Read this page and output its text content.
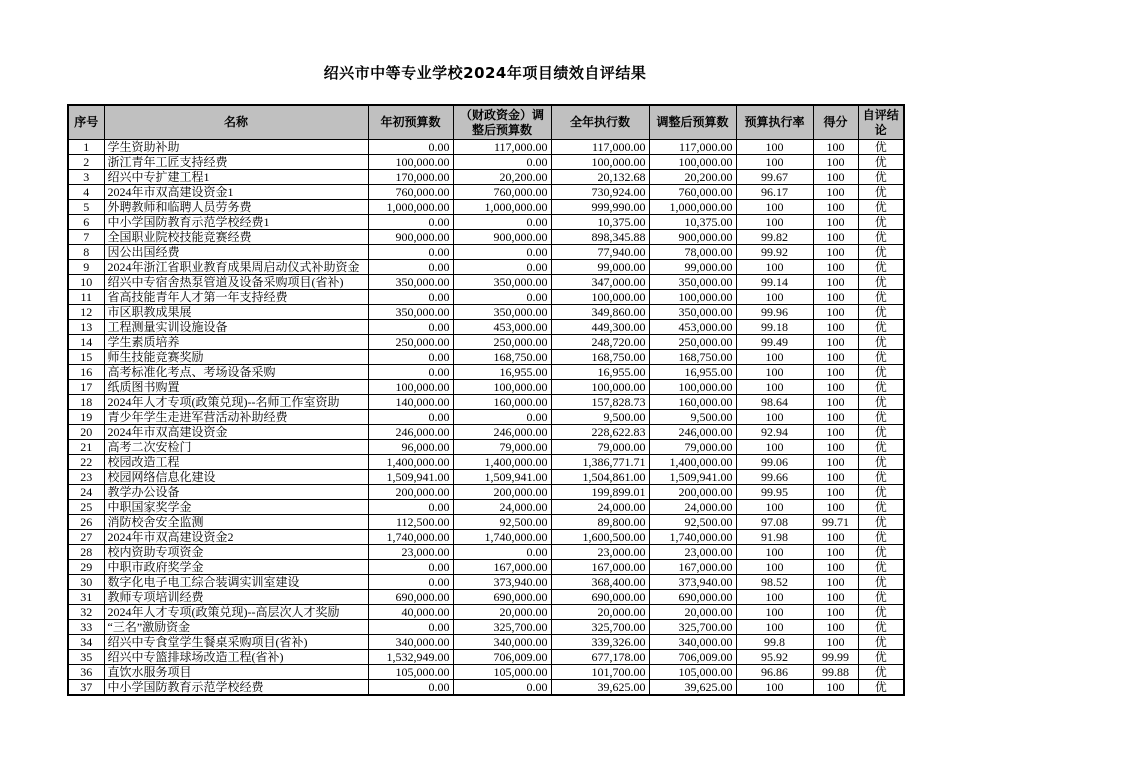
绍兴市中等专业学校2024年项目绩效自评结果
序号	名称	年初预算数	（财政资金）调整后预算数	全年执行数	调整后预算数	预算执行率	得分	自评结论
1	学生资助补助	0.00	117,000.00	117,000.00	117,000.00	100	100	优
2	浙江青年工匠支持经费	100,000.00	0.00	100,000.00	100,000.00	100	100	优
3	绍兴中专扩建工程1	170,000.00	20,200.00	20,132.68	20,200.00	99.67	100	优
4	2024年市双高建设资金1	760,000.00	760,000.00	730,924.00	760,000.00	96.17	100	优
5	外聘教师和临聘人员劳务费	1,000,000.00	1,000,000.00	999,990.00	1,000,000.00	100	100	优
6	中小学国防教育示范学校经费1	0.00	0.00	10,375.00	10,375.00	100	100	优
7	全国职业院校技能竞赛经费	900,000.00	900,000.00	898,345.88	900,000.00	99.82	100	优
8	因公出国经费	0.00	0.00	77,940.00	78,000.00	99.92	100	优
9	2024年浙江省职业教育成果周启动仪式补助资金	0.00	0.00	99,000.00	99,000.00	100	100	优
10	绍兴中专宿舍热泵管道及设备采购项目(省补)	350,000.00	350,000.00	347,000.00	350,000.00	99.14	100	优
11	省高技能青年人才第一年支持经费	0.00	0.00	100,000.00	100,000.00	100	100	优
12	市区职教成果展	350,000.00	350,000.00	349,860.00	350,000.00	99.96	100	优
13	工程测量实训设施设备	0.00	453,000.00	449,300.00	453,000.00	99.18	100	优
14	学生素质培养	250,000.00	250,000.00	248,720.00	250,000.00	99.49	100	优
15	师生技能竞赛奖励	0.00	168,750.00	168,750.00	168,750.00	100	100	优
16	高考标准化考点、考场设备采购	0.00	16,955.00	16,955.00	16,955.00	100	100	优
17	纸质图书购置	100,000.00	100,000.00	100,000.00	100,000.00	100	100	优
18	2024年人才专项(政策兑现)--名师工作室资助	140,000.00	160,000.00	157,828.73	160,000.00	98.64	100	优
19	青少年学生走进军营活动补助经费	0.00	0.00	9,500.00	9,500.00	100	100	优
20	2024年市双高建设资金	246,000.00	246,000.00	228,622.83	246,000.00	92.94	100	优
21	高考二次安检门	96,000.00	79,000.00	79,000.00	79,000.00	100	100	优
22	校园改造工程	1,400,000.00	1,400,000.00	1,386,771.71	1,400,000.00	99.06	100	优
23	校园网络信息化建设	1,509,941.00	1,509,941.00	1,504,861.00	1,509,941.00	99.66	100	优
24	教学办公设备	200,000.00	200,000.00	199,899.01	200,000.00	99.95	100	优
25	中职国家奖学金	0.00	24,000.00	24,000.00	24,000.00	100	100	优
26	消防校舍安全监测	112,500.00	92,500.00	89,800.00	92,500.00	97.08	99.71	优
27	2024年市双高建设资金2	1,740,000.00	1,740,000.00	1,600,500.00	1,740,000.00	91.98	100	优
28	校内资助专项资金	23,000.00	0.00	23,000.00	23,000.00	100	100	优
29	中职市政府奖学金	0.00	167,000.00	167,000.00	167,000.00	100	100	优
30	数字化电子电工综合装调实训室建设	0.00	373,940.00	368,400.00	373,940.00	98.52	100	优
31	教师专项培训经费	690,000.00	690,000.00	690,000.00	690,000.00	100	100	优
32	2024年人才专项(政策兑现)--高层次人才奖励	40,000.00	20,000.00	20,000.00	20,000.00	100	100	优
33	“三名”激励资金	0.00	325,700.00	325,700.00	325,700.00	100	100	优
34	绍兴中专食堂学生餐桌采购项目(省补)	340,000.00	340,000.00	339,326.00	340,000.00	99.8	100	优
35	绍兴中专篮排球场改造工程(省补)	1,532,949.00	706,009.00	677,178.00	706,009.00	95.92	99.99	优
36	直饮水服务项目	105,000.00	105,000.00	101,700.00	105,000.00	96.86	99.88	优
37	中小学国防教育示范学校经费	0.00	0.00	39,625.00	39,625.00	100	100	优
